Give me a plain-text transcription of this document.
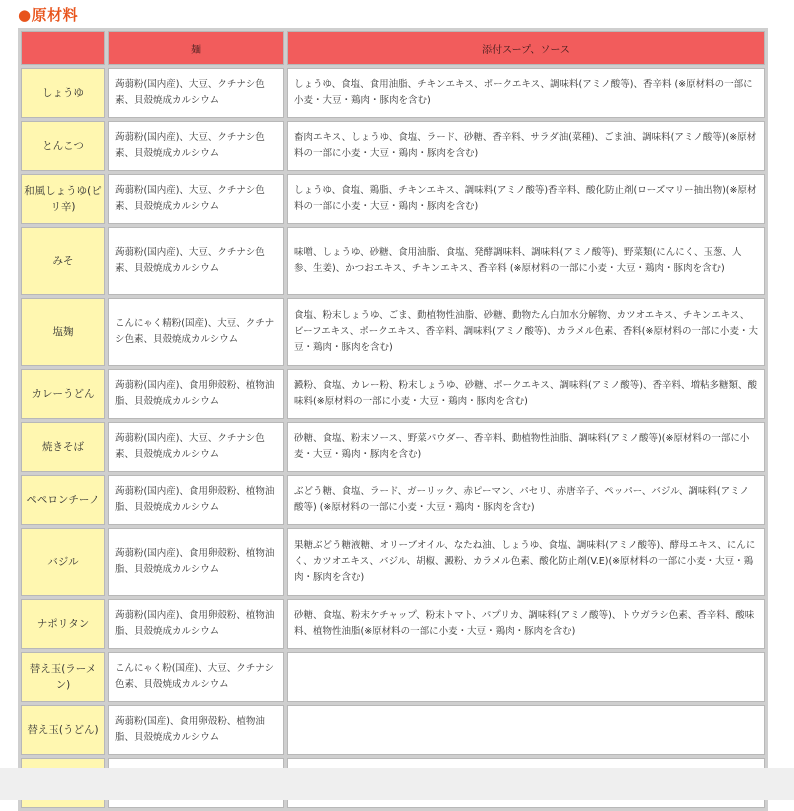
●原材料
	麺	添付スープ、ソース
しょうゆ	蒟蒻粉(国内産)、大豆、クチナシ色素、貝殻焼成カルシウム	しょうゆ、食塩、食用油脂、チキンエキス、ポークエキス、調味料(アミノ酸等)、香辛料 (※原材料の一部に小麦・大豆・鶏肉・豚肉を含む)
とんこつ	蒟蒻粉(国内産)、大豆、クチナシ色素、貝殻焼成カルシウム	畜肉エキス、しょうゆ、食塩、ラード、砂糖、香辛料、サラダ油(菜種)、ごま油、調味料(アミノ酸等)(※原材料の一部に小麦・大豆・鶏肉・豚肉を含む)
和風しょうゆ(ピリ辛)	蒟蒻粉(国内産)、大豆、クチナシ色素、貝殻焼成カルシウム	しょうゆ、食塩、鶏脂、チキンエキス、調味料(アミノ酸等)香辛料、酸化防止剤(ローズマリー抽出物)(※原材料の一部に小麦・大豆・鶏肉・豚肉を含む)
みそ	蒟蒻粉(国内産)、大豆、クチナシ色素、貝殻焼成カルシウム	味噌、しょうゆ、砂糖、食用油脂、食塩、発酵調味料、調味料(アミノ酸等)、野菜類(にんにく、玉葱、人参、生姜)、かつおエキス、チキンエキス、香辛料 (※原材料の一部に小麦・大豆・鶏肉・豚肉を含む)
塩麹	こんにゃく精粉(国産)、大豆、クチナシ色素、貝殻焼成カルシウム	食塩、粉末しょうゆ、ごま、動植物性油脂、砂糖、動物たん白加水分解物、カツオエキス、チキンエキス、ビーフエキス、ポークエキス、香辛料、調味料(アミノ酸等)、カラメル色素、香料(※原材料の一部に小麦・大豆・鶏肉・豚肉を含む)
カレーうどん	蒟蒻粉(国内産)、食用卵殻粉、植物油脂、貝殻焼成カルシウム	澱粉、食塩、カレー粉、粉末しょうゆ、砂糖、ポークエキス、調味料(アミノ酸等)、香辛料、増粘多糖類、酸味料(※原材料の一部に小麦・大豆・鶏肉・豚肉を含む)
焼きそば	蒟蒻粉(国内産)、大豆、クチナシ色素、貝殻焼成カルシウム	砂糖、食塩、粉末ソース、野菜パウダー、香辛料、動植物性油脂、調味料(アミノ酸等)(※原材料の一部に小麦・大豆・鶏肉・豚肉を含む)
ペペロンチーノ	蒟蒻粉(国内産)、食用卵殻粉、植物油脂、貝殻焼成カルシウム	ぶどう糖、食塩、ラード、ガーリック、赤ピーマン、パセリ、赤唐辛子、ペッパー、バジル、調味料(アミノ酸等) (※原材料の一部に小麦・大豆・鶏肉・豚肉を含む)
バジル	蒟蒻粉(国内産)、食用卵殻粉、植物油脂、貝殻焼成カルシウム	果糖ぶどう糖液糖、オリーブオイル、なたね油、しょうゆ、食塩、調味料(アミノ酸等)、酵母エキス、にんにく、カツオエキス、バジル、胡椒、澱粉、カラメル色素、酸化防止剤(V.E)(※原材料の一部に小麦・大豆・鶏肉・豚肉を含む)
ナポリタン	蒟蒻粉(国内産)、食用卵殻粉、植物油脂、貝殻焼成カルシウム	砂糖、食塩、粉末ケチャップ、粉末トマト、パプリカ、調味料(アミノ酸等)、トウガラシ色素、香辛料、酸味料、植物性油脂(※原材料の一部に小麦・大豆・鶏肉・豚肉を含む)
替え玉(ラーメン)	こんにゃく粉(国産)、大豆、クチナシ色素、貝殻焼成カルシウム	
替え玉(うどん)	蒟蒻粉(国産)、食用卵殻粉、植物油脂、貝殻焼成カルシウム	
